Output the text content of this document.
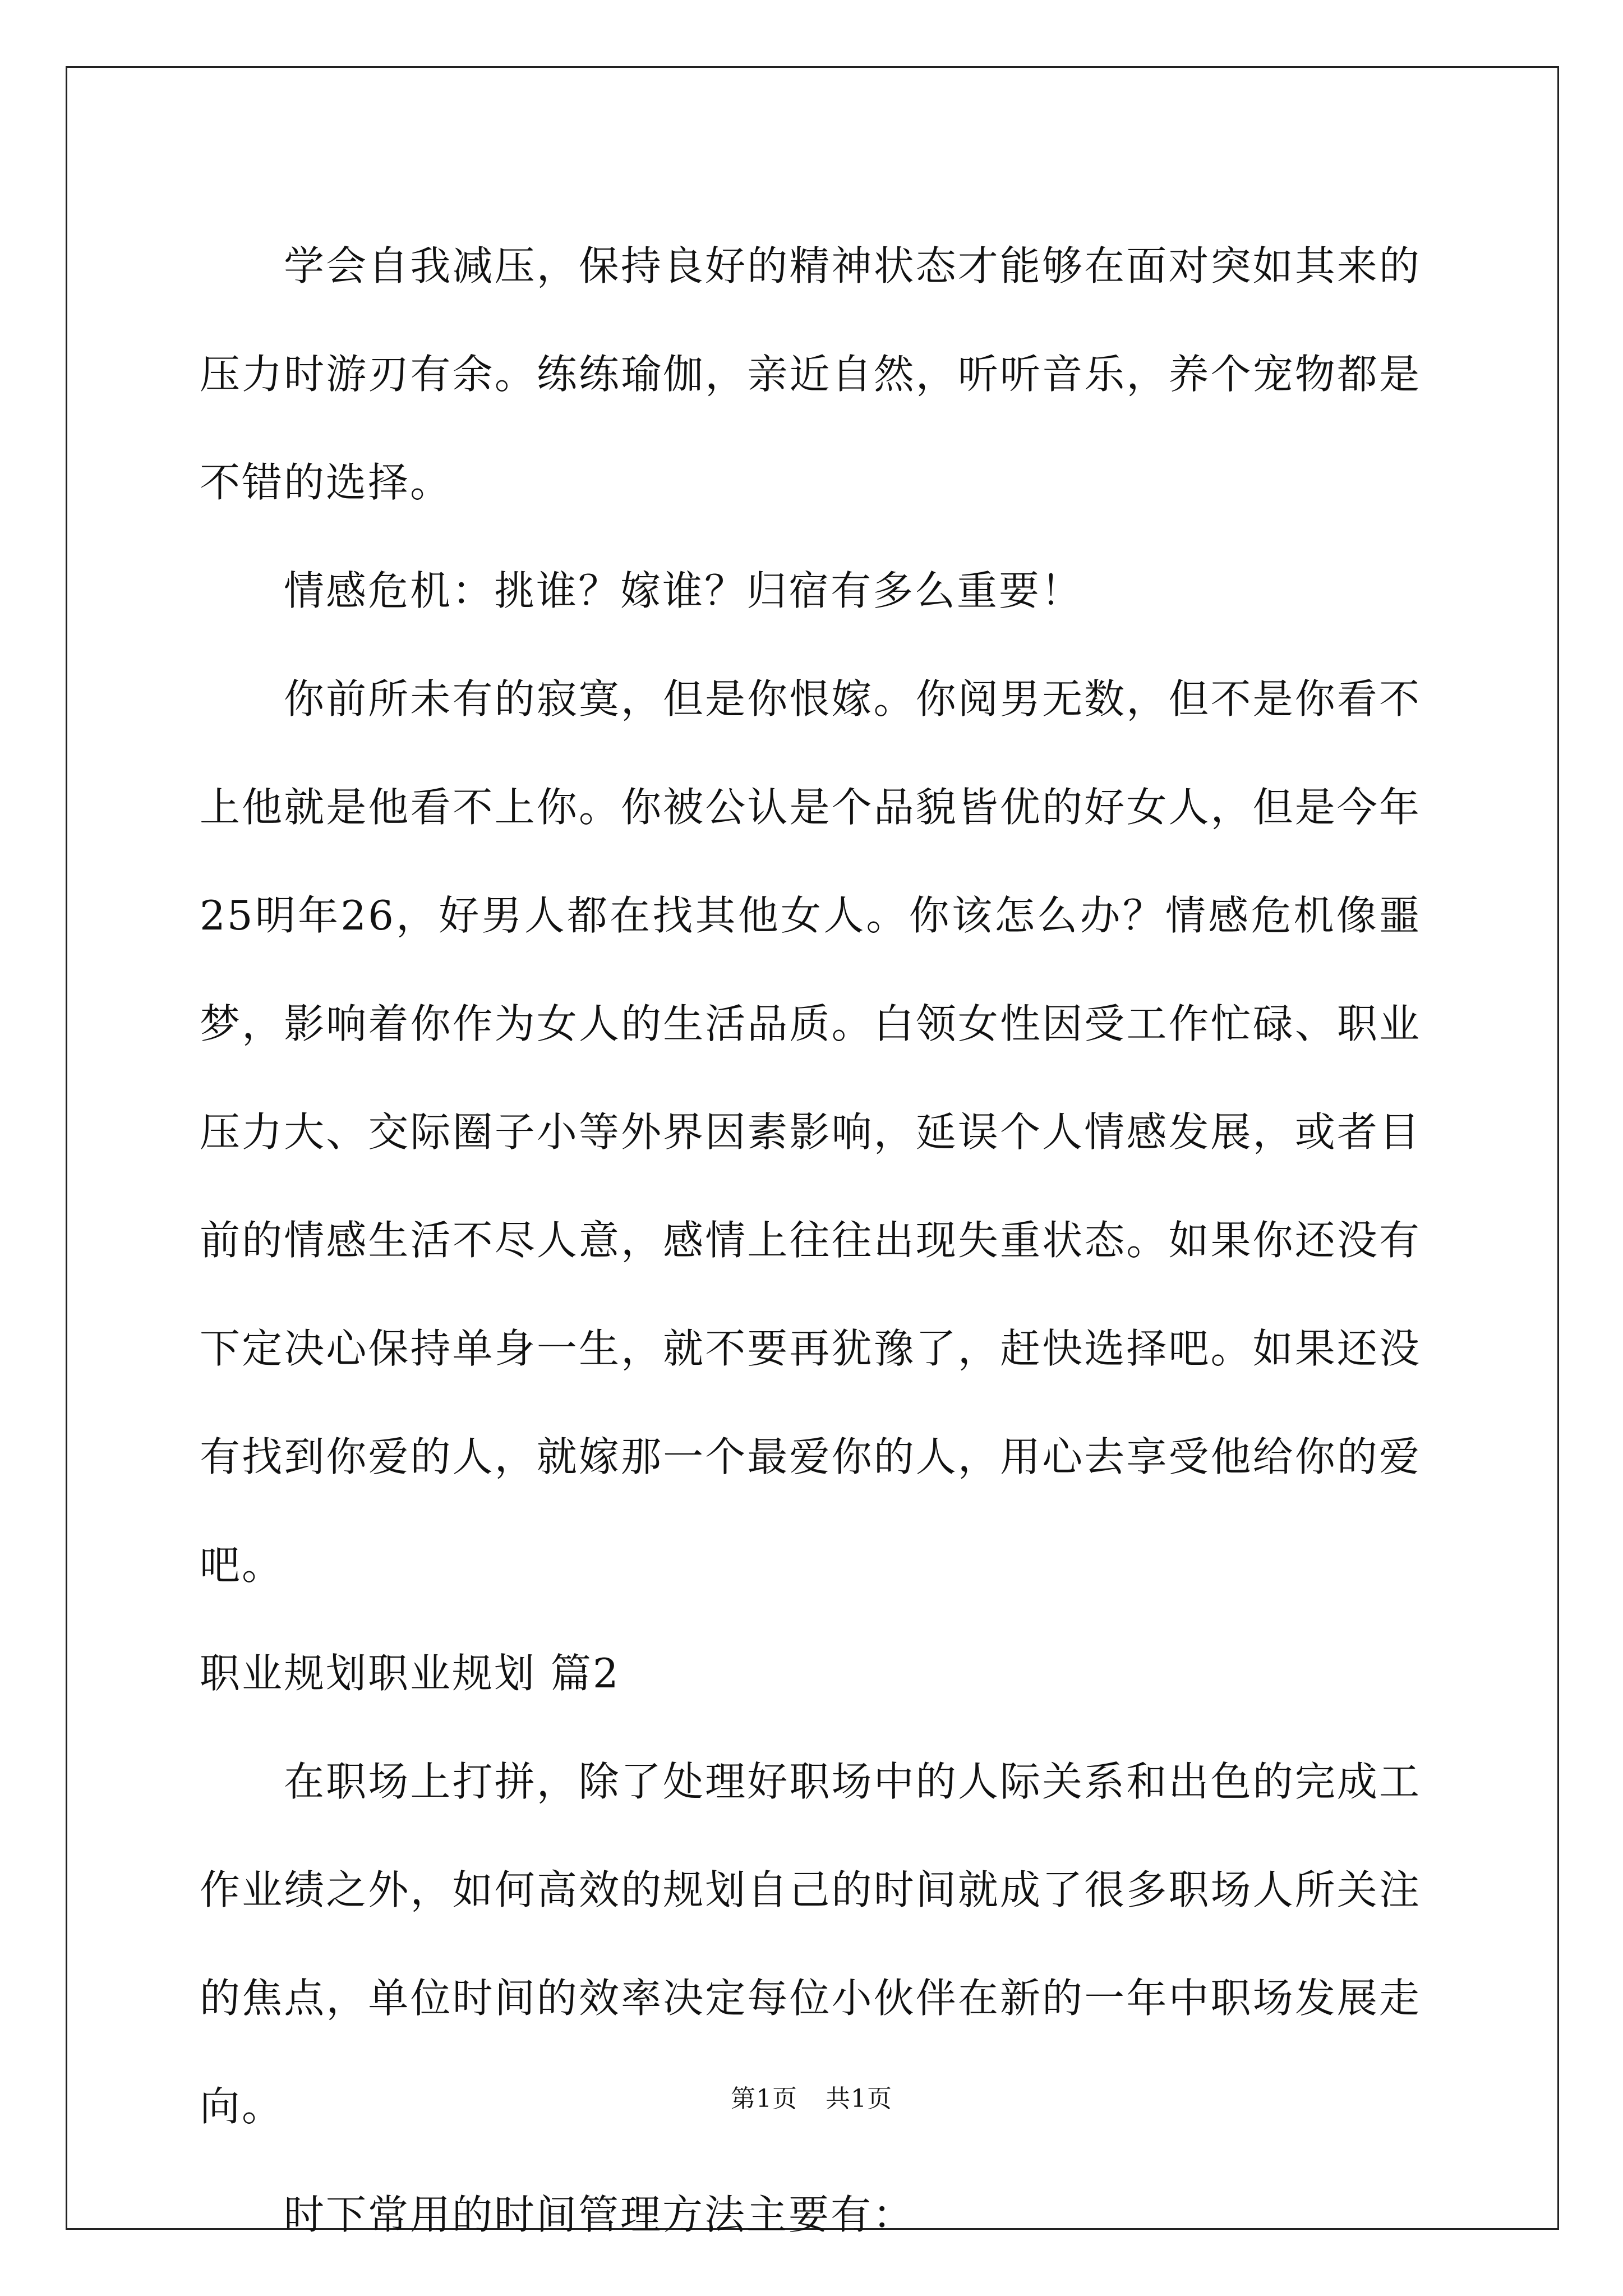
学会自我减压，保持良好的精神状态才能够在面对突如其来的压力时游刃有余。练练瑜伽，亲近自然，听听音乐，养个宠物都是不错的选择。

情感危机：挑谁？嫁谁？归宿有多么重要！

你前所未有的寂寞，但是你恨嫁。你阅男无数，但不是你看不上他就是他看不上你。你被公认是个品貌皆优的好女人，但是今年25明年26，好男人都在找其他女人。你该怎么办？情感危机像噩梦，影响着你作为女人的生活品质。白领女性因受工作忙碌、职业压力大、交际圈子小等外界因素影响，延误个人情感发展，或者目前的情感生活不尽人意，感情上往往出现失重状态。如果你还没有下定决心保持单身一生，就不要再犹豫了，赶快选择吧。如果还没有找到你爱的人，就嫁那一个最爱你的人，用心去享受他给你的爱吧。

职业规划职业规划 篇2

在职场上打拼，除了处理好职场中的人际关系和出色的完成工作业绩之外，如何高效的规划自己的时间就成了很多职场人所关注的焦点，单位时间的效率决定每位小伙伴在新的一年中职场发展走向。

时下常用的时间管理方法主要有：

第1页 共1页
